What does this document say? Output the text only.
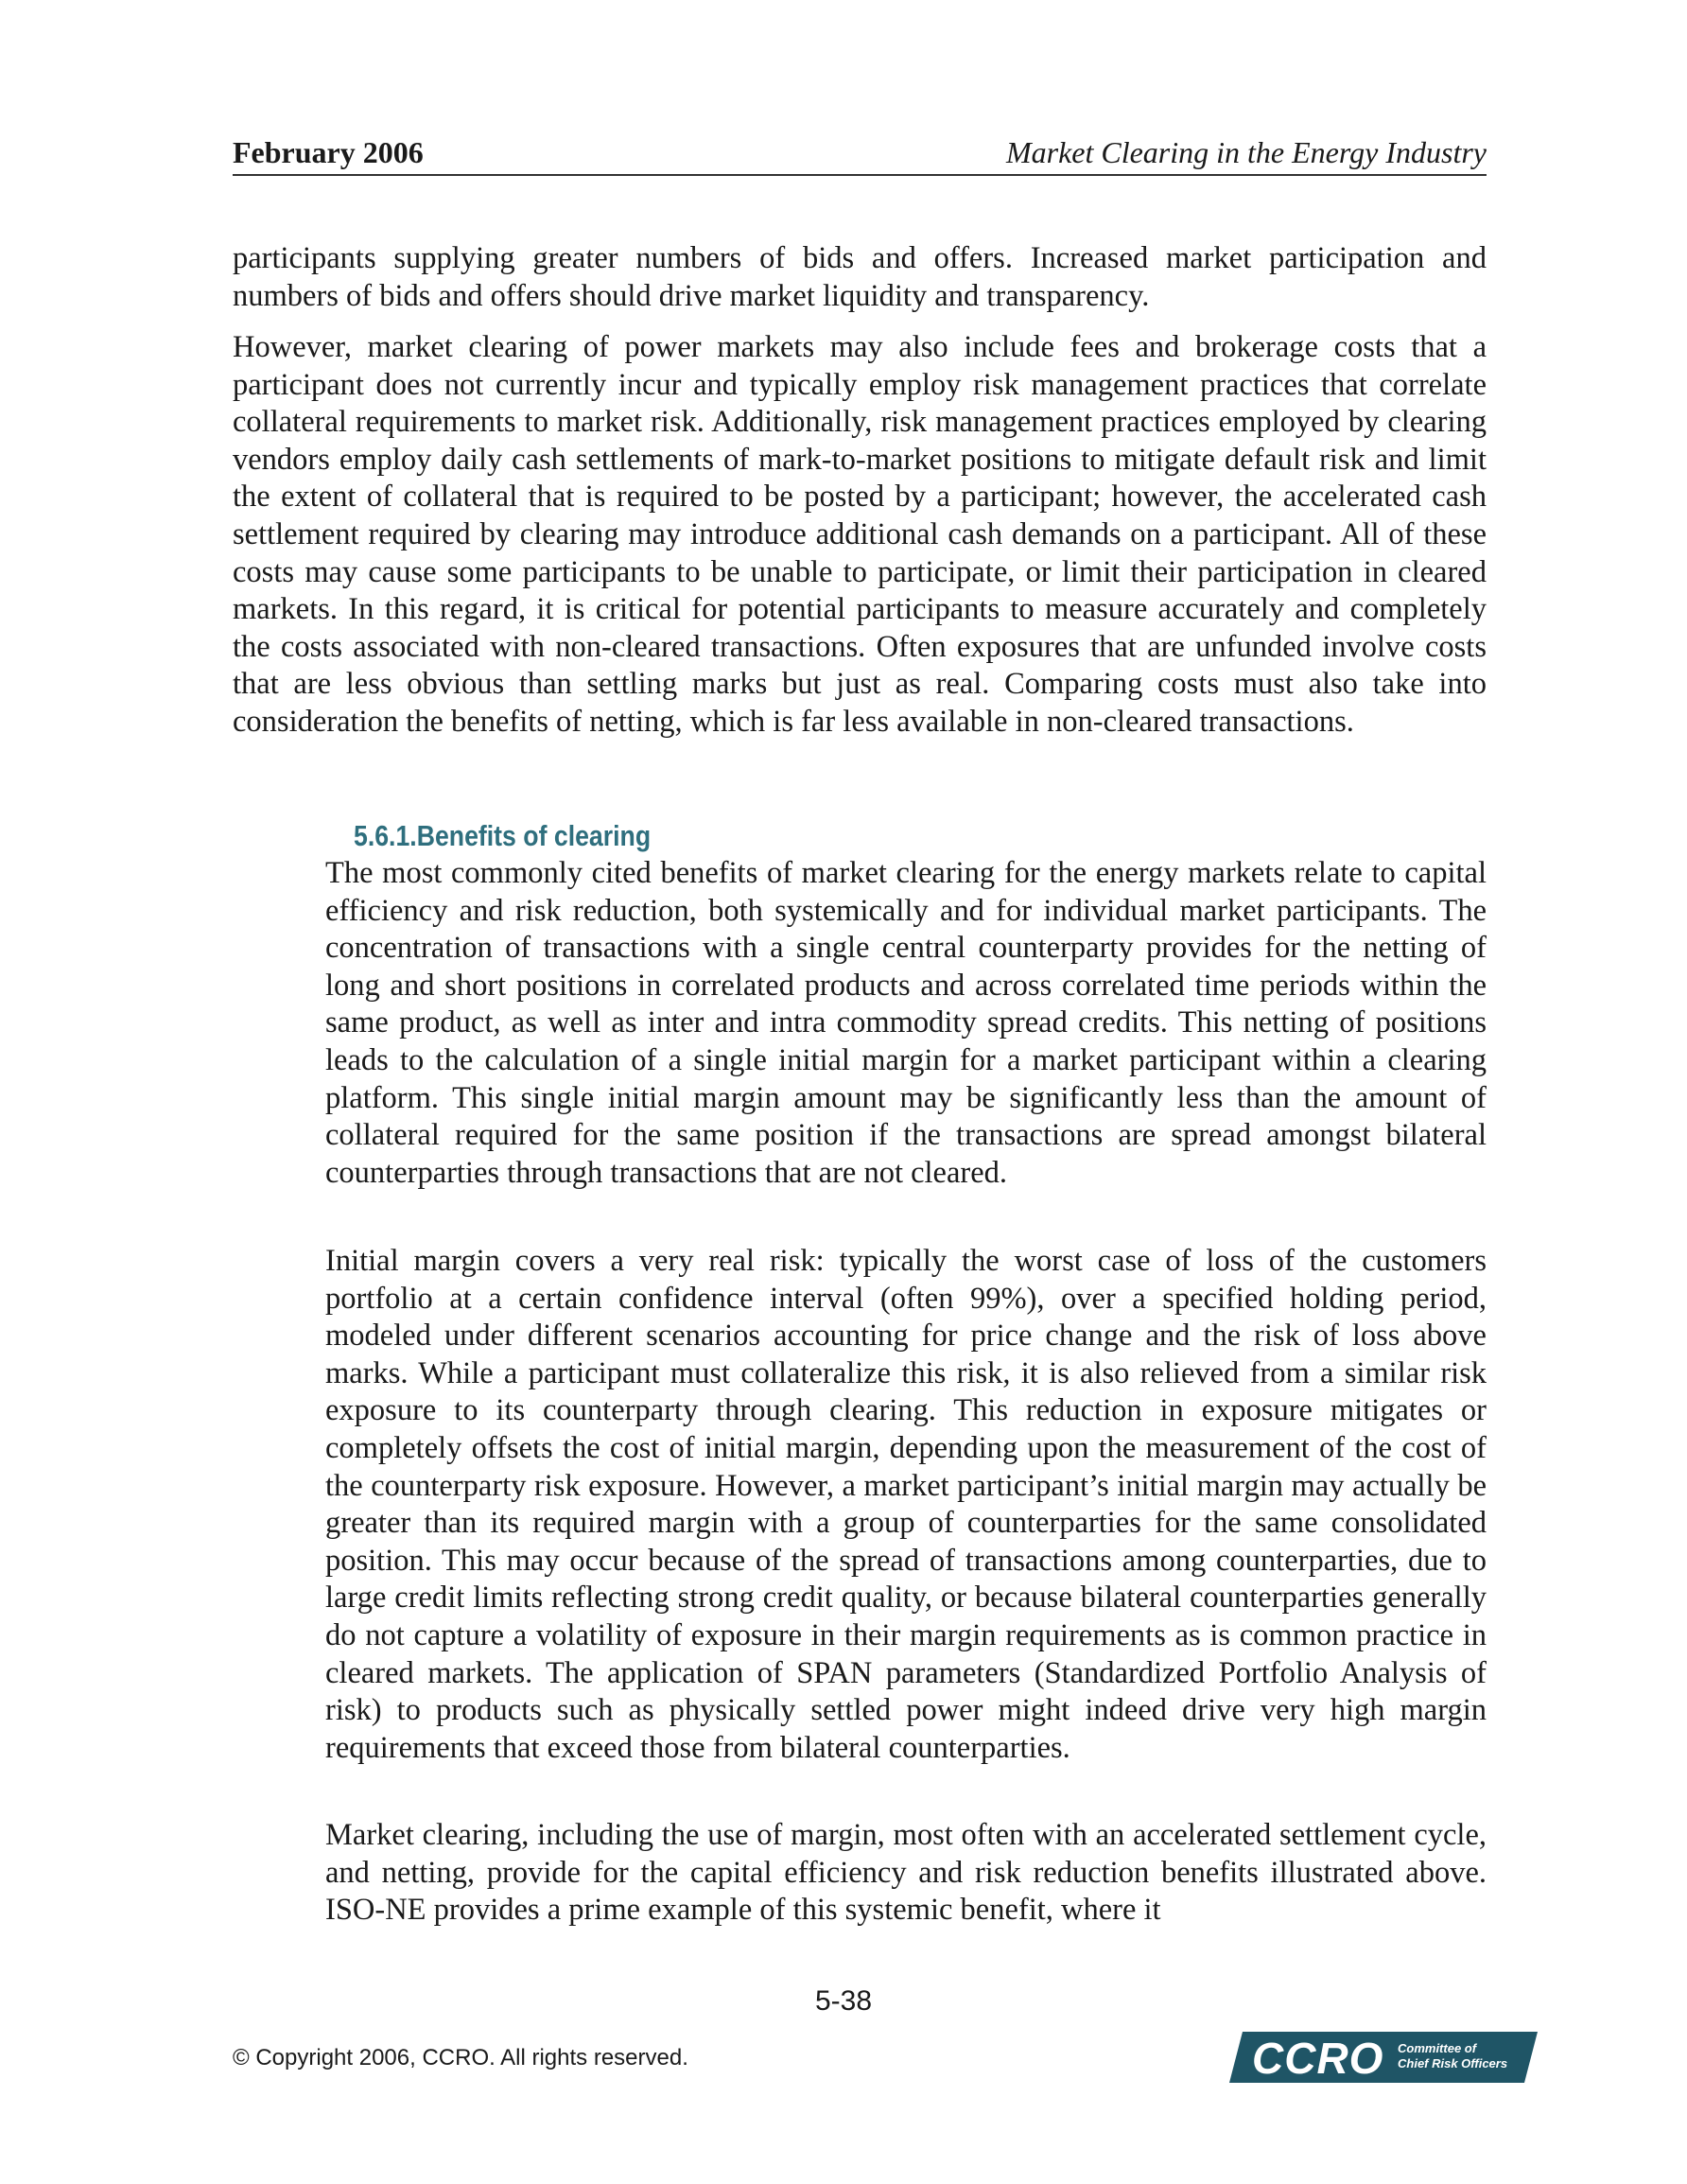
February 2006	Market Clearing in the Energy Industry

participants supplying greater numbers of bids and offers. Increased market participation and numbers of bids and offers should drive market liquidity and transparency.

However, market clearing of power markets may also include fees and brokerage costs that a participant does not currently incur and typically employ risk management practices that correlate collateral requirements to market risk. Additionally, risk management practices employed by clearing vendors employ daily cash settlements of mark-to-market positions to mitigate default risk and limit the extent of collateral that is required to be posted by a participant; however, the accelerated cash settlement required by clearing may introduce additional cash demands on a participant. All of these costs may cause some participants to be unable to participate, or limit their participation in cleared markets. In this regard, it is critical for potential participants to measure accurately and completely the costs associated with non-cleared transactions. Often exposures that are unfunded involve costs that are less obvious than settling marks but just as real. Comparing costs must also take into consideration the benefits of netting, which is far less available in non-cleared transactions.

5.6.1.Benefits of clearing

The most commonly cited benefits of market clearing for the energy markets relate to capital efficiency and risk reduction, both systemically and for individual market participants. The concentration of transactions with a single central counterparty provides for the netting of long and short positions in correlated products and across correlated time periods within the same product, as well as inter and intra commodity spread credits. This netting of positions leads to the calculation of a single initial margin for a market participant within a clearing platform. This single initial margin amount may be significantly less than the amount of collateral required for the same position if the transactions are spread amongst bilateral counterparties through transactions that are not cleared.

Initial margin covers a very real risk: typically the worst case of loss of the customers portfolio at a certain confidence interval (often 99%), over a specified holding period, modeled under different scenarios accounting for price change and the risk of loss above marks. While a participant must collateralize this risk, it is also relieved from a similar risk exposure to its counterparty through clearing. This reduction in exposure mitigates or completely offsets the cost of initial margin, depending upon the measurement of the cost of the counterparty risk exposure. However, a market participant’s initial margin may actually be greater than its required margin with a group of counterparties for the same consolidated position. This may occur because of the spread of transactions among counterparties, due to large credit limits reflecting strong credit quality, or because bilateral counterparties generally do not capture a volatility of exposure in their margin requirements as is common practice in cleared markets. The application of SPAN parameters (Standardized Portfolio Analysis of risk) to products such as physically settled power might indeed drive very high margin requirements that exceed those from bilateral counterparties.

Market clearing, including the use of margin, most often with an accelerated settlement cycle, and netting, provide for the capital efficiency and risk reduction benefits illustrated above. ISO-NE provides a prime example of this systemic benefit, where it

5-38
© Copyright 2006, CCRO. All rights reserved.	CCRO Committee of
Chief Risk Officers
